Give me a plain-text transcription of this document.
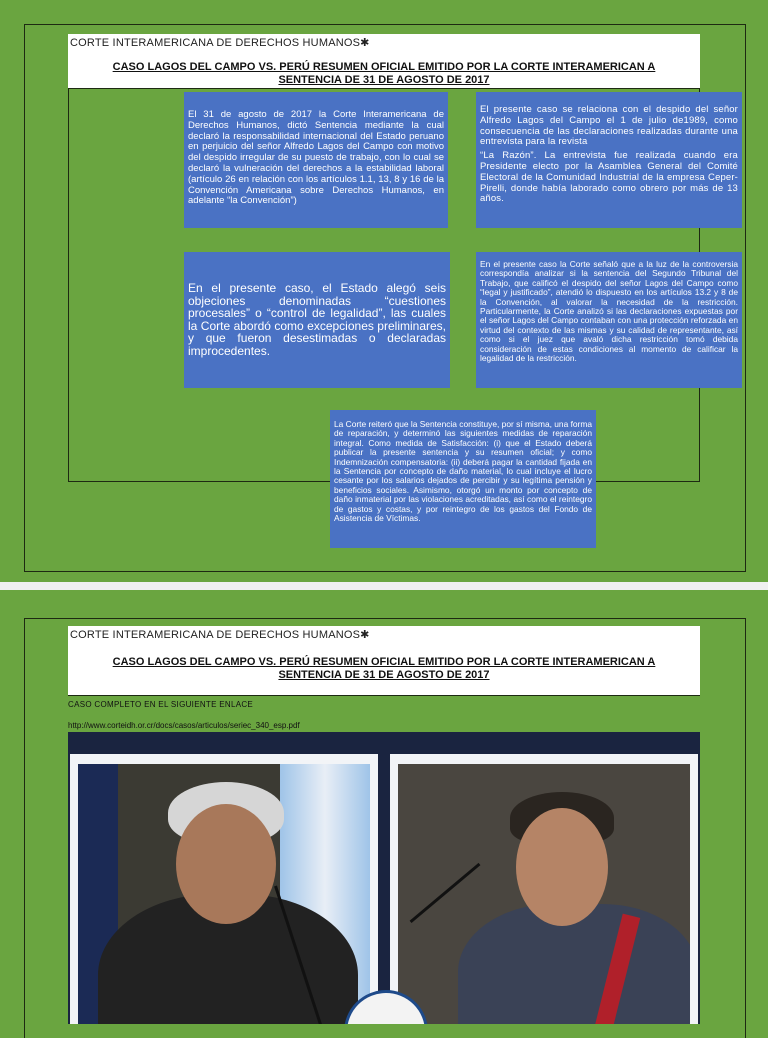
CORTE INTERAMERICANA DE DERECHOS HUMANOS✱
CASO LAGOS DEL CAMPO VS. PERÚ RESUMEN OFICIAL EMITIDO POR LA CORTE INTERAMERICAN A
SENTENCIA DE 31 DE AGOSTO DE 2017

El 31 de agosto de 2017 la Corte Interamericana de Derechos Humanos, dictó Sentencia mediante la cual declaró la responsabilidad internacional del Estado peruano en perjuicio del señor Alfredo Lagos del Campo con motivo del despido irregular de su puesto de trabajo, con lo cual se declaró la vulneración del derechos a la estabilidad laboral (artículo 26 en relación con los artículos 1.1, 13, 8 y 16 de la Convención Americana sobre Derechos Humanos, en adelante “la Convención”)

El presente caso se relaciona con el despido del señor Alfredo Lagos del Campo el 1 de julio de1989, como consecuencia de las declaraciones realizadas durante una entrevista para la revista

“La Razón”. La entrevista fue realizada cuando era Presidente electo por la Asamblea General del Comité Electoral de la Comunidad Industrial de la empresa Ceper-Pirelli, donde había laborado como obrero por más de 13 años.

En el presente caso, el Estado alegó seis objeciones denominadas “cuestiones procesales” o “control de legalidad”, las cuales la Corte abordó como excepciones preliminares, y que fueron desestimadas o declaradas improcedentes.

En el presente caso la Corte señaló que a la luz de la controversia correspondía analizar si la sentencia del Segundo Tribunal del Trabajo, que calificó el despido del señor Lagos del Campo como “legal y justificado”, atendió lo dispuesto en los artículos 13.2 y 8 de la Convención, al valorar la necesidad de la restricción. Particularmente, la Corte analizó si las declaraciones expuestas por el señor Lagos del Campo contaban con una protección reforzada en virtud del contexto de las mismas y su calidad de representante, así como si el juez que avaló dicha restricción tomó debida consideración de estas condiciones al momento de calificar la legalidad de la restricción.

La Corte reiteró que la Sentencia constituye, por sí misma, una forma de reparación, y determinó las siguientes medidas de reparación integral. Como medida de Satisfacción: (i) que el Estado deberá publicar la presente sentencia y su resumen oficial; y como Indemnización compensatoria: (ii) deberá pagar la cantidad fijada en la Sentencia por concepto de daño material, lo cual incluye el lucro cesante por los salarios dejados de percibir y su legítima pensión y beneficios sociales. Asimismo, otorgó un monto por concepto de daño inmaterial por las violaciones acreditadas, así como el reintegro de gastos y costas, y por reintegro de los gastos del Fondo de Asistencia de Víctimas.

CORTE INTERAMERICANA DE DERECHOS HUMANOS✱
CASO LAGOS DEL CAMPO VS. PERÚ RESUMEN OFICIAL EMITIDO POR LA CORTE INTERAMERICAN A
SENTENCIA DE 31 DE AGOSTO DE 2017
CASO COMPLETO EN EL SIGUIENTE ENLACE
http://www.corteidh.or.cr/docs/casos/articulos/seriec_340_esp.pdf
